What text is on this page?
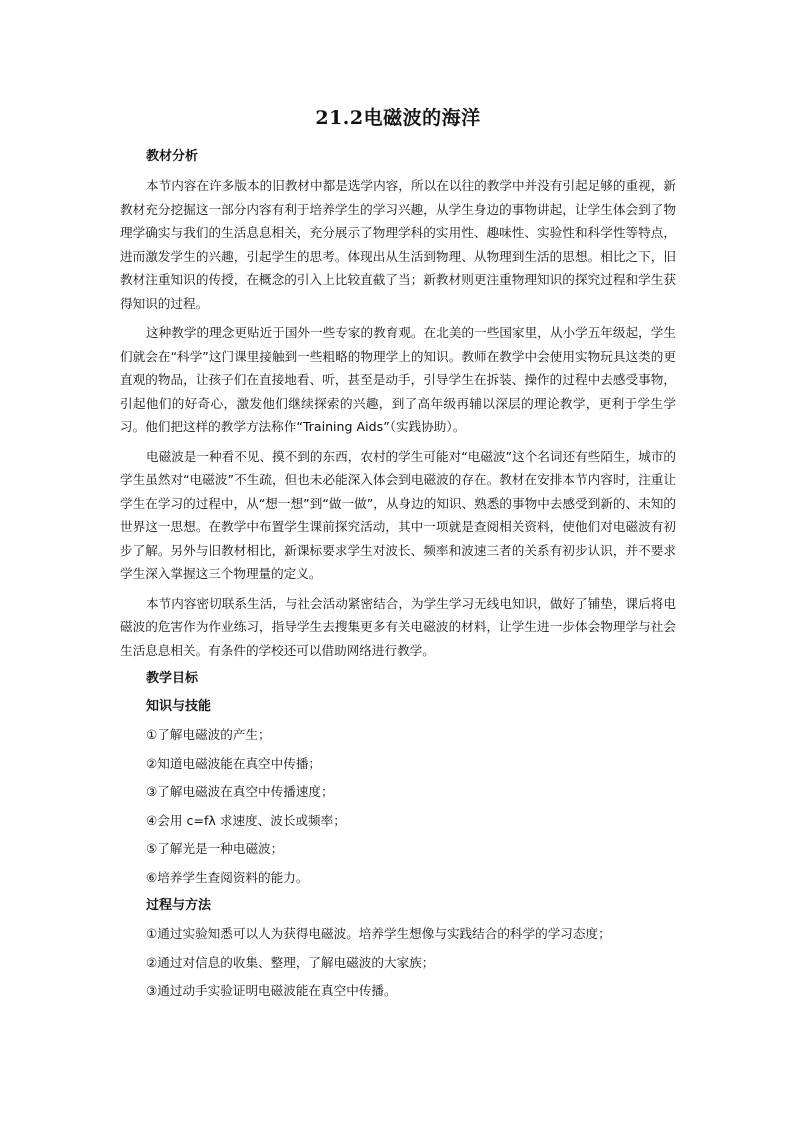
21.2电磁波的海洋
教材分析

本节内容在许多版本的旧教材中都是选学内容，所以在以往的教学中并没有引起足够的重视，新教材充分挖掘这一部分内容有利于培养学生的学习兴趣，从学生身边的事物讲起，让学生体会到了物理学确实与我们的生活息息相关，充分展示了物理学科的实用性、趣味性、实验性和科学性等特点，进而激发学生的兴趣，引起学生的思考。体现出从生活到物理、从物理到生活的思想。相比之下，旧教材注重知识的传授，在概念的引入上比较直截了当；新教材则更注重物理知识的探究过程和学生获得知识的过程。

这种教学的理念更贴近于国外一些专家的教育观。在北美的一些国家里，从小学五年级起，学生们就会在“科学”这门课里接触到一些粗略的物理学上的知识。教师在教学中会使用实物玩具这类的更直观的物品，让孩子们在直接地看、听，甚至是动手，引导学生在拆装、操作的过程中去感受事物，引起他们的好奇心，激发他们继续探索的兴趣，到了高年级再辅以深层的理论教学，更利于学生学习。他们把这样的教学方法称作“Training Aids”（实践协助）。

电磁波是一种看不见、摸不到的东西，农村的学生可能对“电磁波”这个名词还有些陌生，城市的学生虽然对“电磁波”不生疏，但也未必能深入体会到电磁波的存在。教材在安排本节内容时，注重让学生在学习的过程中，从“想一想”到“做一做”，从身边的知识、熟悉的事物中去感受到新的、未知的世界这一思想。在教学中布置学生课前探究活动，其中一项就是查阅相关资料，使他们对电磁波有初步了解。另外与旧教材相比，新课标要求学生对波长、频率和波速三者的关系有初步认识，并不要求学生深入掌握这三个物理量的定义。

本节内容密切联系生活，与社会活动紧密结合，为学生学习无线电知识，做好了铺垫，课后将电磁波的危害作为作业练习，指导学生去搜集更多有关电磁波的材料，让学生进一步体会物理学与社会生活息息相关。有条件的学校还可以借助网络进行教学。

教学目标
知识与技能
①了解电磁波的产生；
②知道电磁波能在真空中传播；
③了解电磁波在真空中传播速度；
④会用 c=fλ 求速度、波长或频率；
⑤了解光是一种电磁波；
⑥培养学生查阅资料的能力。
过程与方法
①通过实验知悉可以人为获得电磁波。培养学生想像与实践结合的科学的学习态度；
②通过对信息的收集、整理，了解电磁波的大家族；
③通过动手实验证明电磁波能在真空中传播。
